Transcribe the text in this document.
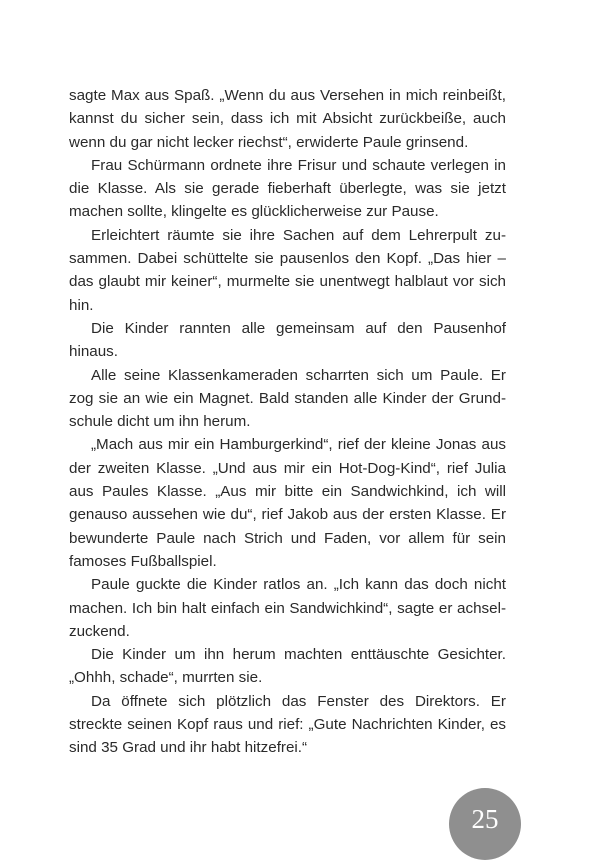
sagte Max aus Spaß. „Wenn du aus Versehen in mich reinbeißt, kannst du sicher sein, dass ich mit Absicht zurückbeiße, auch wenn du gar nicht lecker riechst“, erwiderte Paule grinsend.

Frau Schürmann ordnete ihre Frisur und schaute verlegen in die Klasse. Als sie gerade fieberhaft überlegte, was sie jetzt machen sollte, klingelte es glücklicherweise zur Pause.

Erleichtert räumte sie ihre Sachen auf dem Lehrerpult zusammen. Dabei schüttelte sie pausenlos den Kopf. „Das hier – das glaubt mir keiner“, murmelte sie unentwegt halblaut vor sich hin.

Die Kinder rannten alle gemeinsam auf den Pausenhof hinaus.

Alle seine Klassenkameraden scharrten sich um Paule. Er zog sie an wie ein Magnet. Bald standen alle Kinder der Grundschule dicht um ihn herum.

„Mach aus mir ein Hamburgerkind“, rief der kleine Jonas aus der zweiten Klasse. „Und aus mir ein Hot-Dog-Kind“, rief Julia aus Paules Klasse. „Aus mir bitte ein Sandwichkind, ich will genauso aussehen wie du“, rief Jakob aus der ersten Klasse. Er bewunderte Paule nach Strich und Faden, vor allem für sein famoses Fußballspiel.

Paule guckte die Kinder ratlos an. „Ich kann das doch nicht machen. Ich bin halt einfach ein Sandwichkind“, sagte er achselzuckend.

Die Kinder um ihn herum machten enttäuschte Gesichter. „Ohhh, schade“, murrten sie.

Da öffnete sich plötzlich das Fenster des Direktors. Er streckte seinen Kopf raus und rief: „Gute Nachrichten Kinder, es sind 35 Grad und ihr habt hitzefrei.“

25
